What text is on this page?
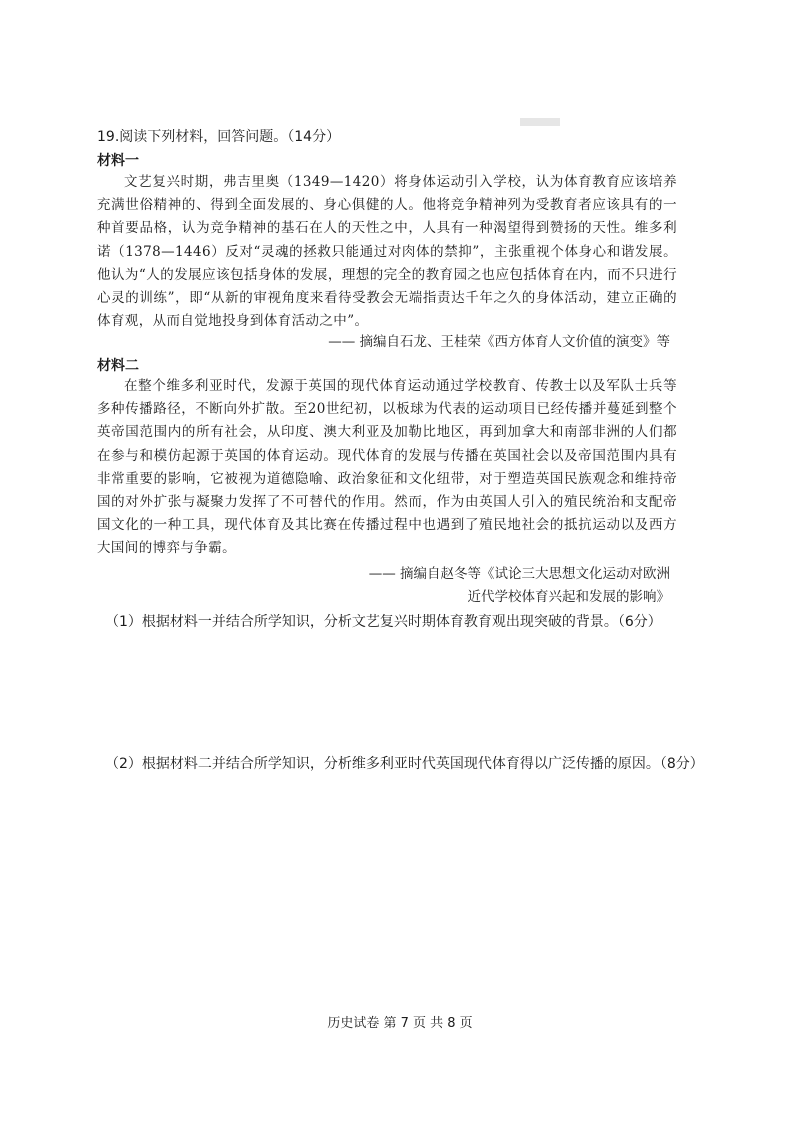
19.阅读下列材料，回答问题。（14分）
材料一

文艺复兴时期，弗吉里奥（1349—1420）将身体运动引入学校，认为体育教育应该培养充满世俗精神的、得到全面发展的、身心俱健的人。他将竞争精神列为受教育者应该具有的一种首要品格，认为竞争精神的基石在人的天性之中，人具有一种渴望得到赞扬的天性。维多利诺（1378—1446）反对“灵魂的拯救只能通过对肉体的禁抑”，主张重视个体身心和谐发展。他认为“人的发展应该包括身体的发展，理想的完全的教育园之也应包括体育在内，而不只进行心灵的训练”，即“从新的审视角度来看待受教会无端指责达千年之久的身体活动，建立正确的体育观，从而自觉地投身到体育活动之中”。

—— 摘编自石龙、王桂荣《西方体育人文价值的演变》等
材料二

在整个维多利亚时代，发源于英国的现代体育运动通过学校教育、传教士以及军队士兵等多种传播路径，不断向外扩散。至20世纪初，以板球为代表的运动项目已经传播并蔓延到整个英帝国范围内的所有社会，从印度、澳大利亚及加勒比地区，再到加拿大和南部非洲的人们都在参与和模仿起源于英国的体育运动。现代体育的发展与传播在英国社会以及帝国范围内具有非常重要的影响，它被视为道德隐喻、政治象征和文化纽带，对于塑造英国民族观念和维持帝国的对外扩张与凝聚力发挥了不可替代的作用。然而，作为由英国人引入的殖民统治和支配帝国文化的一种工具，现代体育及其比赛在传播过程中也遇到了殖民地社会的抵抗运动以及西方大国间的博弈与争霸。

—— 摘编自赵冬等《试论三大思想文化运动对欧洲
近代学校体育兴起和发展的影响》
（1）根据材料一并结合所学知识，分析文艺复兴时期体育教育观出现突破的背景。（6分）
（2）根据材料二并结合所学知识，分析维多利亚时代英国现代体育得以广泛传播的原因。（8分）
历史试卷 第 7 页 共 8 页
